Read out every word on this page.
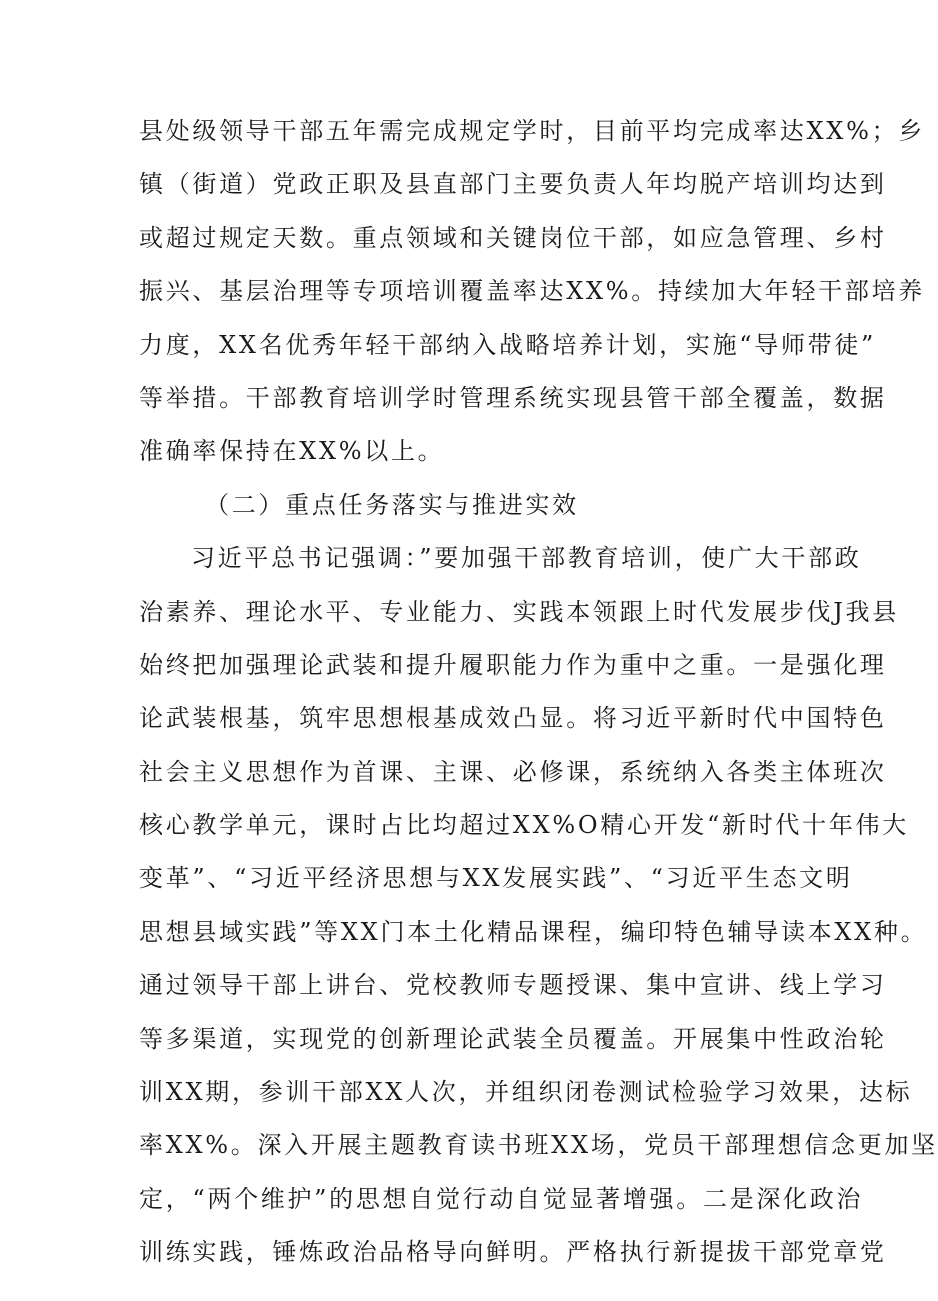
县处级领导干部五年需完成规定学时，目前平均完成率达XX%；乡
镇（街道）党政正职及县直部门主要负责人年均脱产培训均达到
或超过规定天数。重点领域和关键岗位干部，如应急管理、乡村
振兴、基层治理等专项培训覆盖率达XX%。持续加大年轻干部培养
力度，XX名优秀年轻干部纳入战略培养计划，实施“导师带徒”
等举措。干部教育培训学时管理系统实现县管干部全覆盖，数据
准确率保持在XX%以上。
（二）重点任务落实与推进实效
习近平总书记强调：”要加强干部教育培训，使广大干部政
治素养、理论水平、专业能力、实践本领跟上时代发展步伐J我县
始终把加强理论武装和提升履职能力作为重中之重。一是强化理
论武装根基，筑牢思想根基成效凸显。将习近平新时代中国特色
社会主义思想作为首课、主课、必修课，系统纳入各类主体班次
核心教学单元，课时占比均超过XX%O精心开发“新时代十年伟大
变革”、“习近平经济思想与XX发展实践”、“习近平生态文明
思想县域实践”等XX门本土化精品课程，编印特色辅导读本XX种。
通过领导干部上讲台、党校教师专题授课、集中宣讲、线上学习
等多渠道，实现党的创新理论武装全员覆盖。开展集中性政治轮
训XX期，参训干部XX人次，并组织闭卷测试检验学习效果，达标
率XX%。深入开展主题教育读书班XX场，党员干部理想信念更加坚
定，“两个维护”的思想自觉行动自觉显著增强。二是深化政治
训练实践，锤炼政治品格导向鲜明。严格执行新提拔干部党章党
